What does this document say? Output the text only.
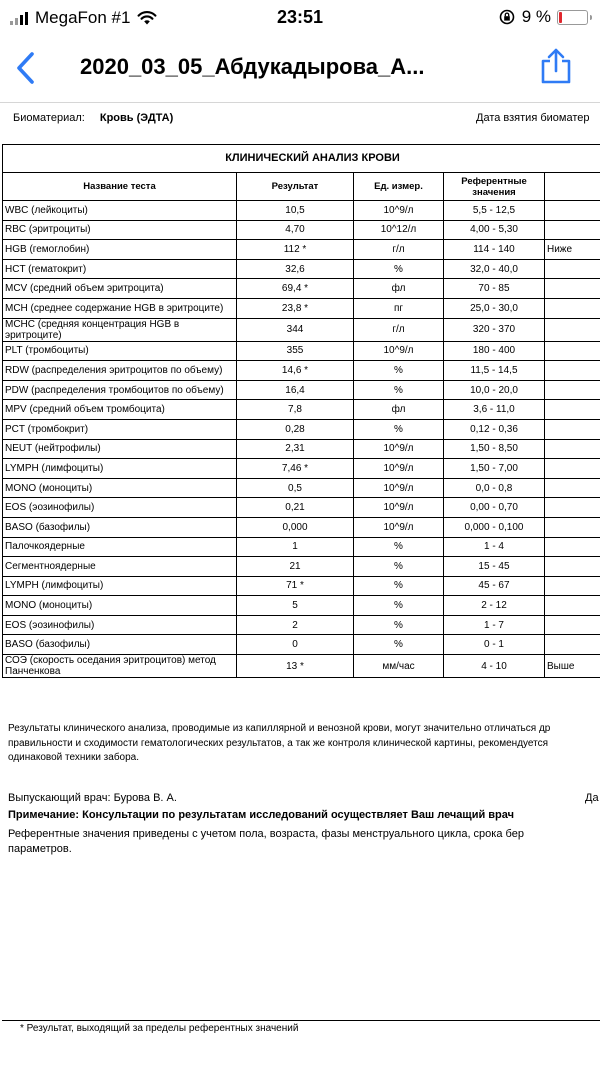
MegaFon #1	23:51	9 %
2020_03_05_Абдукадырова_А...
Биоматериал: Кровь (ЭДТА)	Дата взятия биоматер
КЛИНИЧЕСКИЙ АНАЛИЗ КРОВИ				
Название теста	Результат	Ед. измер.	Референтные значения	
WBC (лейкоциты)	10,5	10^9/л	5,5 - 12,5	
RBC (эритроциты)	4,70	10^12/л	4,00 - 5,30	
HGB (гемоглобин)	112 *	г/л	114 - 140	Ниже
HCT (гематокрит)	32,6	%	32,0 - 40,0	
MCV (средний объем эритроцита)	69,4 *	фл	70 - 85	
MCH (среднее содержание HGB в эритроците)	23,8 *	пг	25,0 - 30,0	
MCHC (средняя концентрация HGB в эритроците)	344	г/л	320 - 370	
PLT (тромбоциты)	355	10^9/л	180 - 400	
RDW (распределения эритроцитов по объему)	14,6 *	%	11,5 - 14,5	
PDW (распределения тромбоцитов по объему)	16,4	%	10,0 - 20,0	
MPV (средний объем тромбоцита)	7,8	фл	3,6 - 11,0	
PCT (тромбокрит)	0,28	%	0,12 - 0,36	
NEUT (нейтрофилы)	2,31	10^9/л	1,50 - 8,50	
LYMPH (лимфоциты)	7,46 *	10^9/л	1,50 - 7,00	
MONO (моноциты)	0,5	10^9/л	0,0 - 0,8	
EOS (эозинофилы)	0,21	10^9/л	0,00 - 0,70	
BASO (базофилы)	0,000	10^9/л	0,000 - 0,100	
Палочкоядерные	1	%	1 - 4	
Сегментноядерные	21	%	15 - 45	
LYMPH (лимфоциты)	71 *	%	45 - 67	
MONO (моноциты)	5	%	2 - 12	
EOS (эозинофилы)	2	%	1 - 7	
BASO (базофилы)	0	%	0 - 1	
СОЭ (скорость оседания эритроцитов) метод Панченкова	13 *	мм/час	4 - 10	Выше
Результаты клинического анализа, проводимые из капиллярной и венозной крови, могут значительно отличаться др
правильности и сходимости гематологических результатов, а так же контроля клинической картины, рекомендуется
одинаковой техники забора.
Выпускающий врач: Бурова В. А.	Да
Примечание: Консультации по результатам исследований осуществляет Ваш лечащий врач
Референтные значения приведены с учетом пола, возраста, фазы менструального цикла, срока бер
параметров.
* Результат, выходящий за пределы референтных значений
